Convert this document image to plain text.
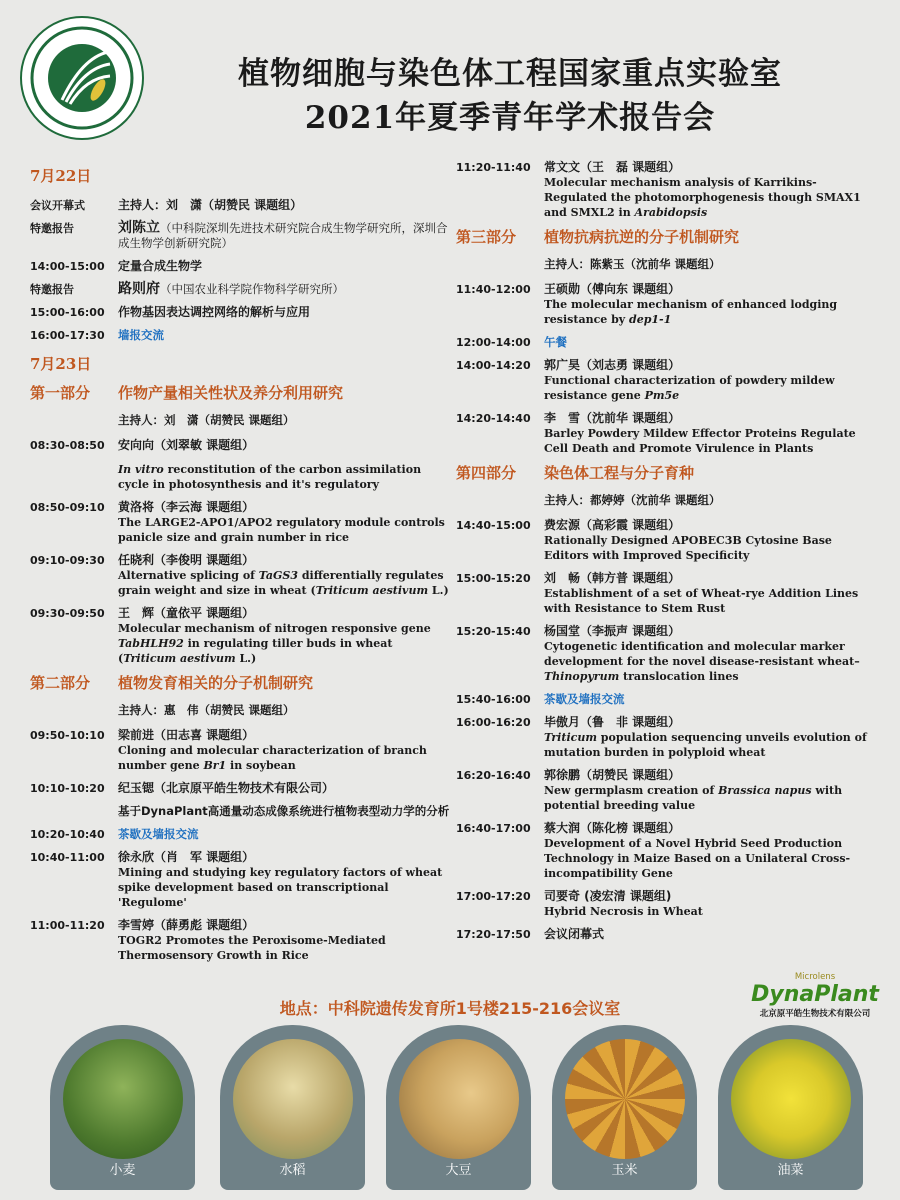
植物细胞与染色体工程国家重点实验室
2021年夏季青年学术报告会
7月22日
会议开幕式	主持人：刘　潇（胡赞民 课题组）
特邀报告	刘陈立（中科院深圳先进技术研究院合成生物学研究所，深圳合成生物学创新研究院）
14:00-15:00	定量合成生物学
特邀报告	路则府（中国农业科学院作物科学研究所）
15:00-16:00	作物基因表达调控网络的解析与应用
16:00-17:30	墙报交流
7月23日
第一部分 作物产量相关性状及养分利用研究
主持人：刘　潇（胡赞民 课题组）
08:30-08:50	安向向（刘翠敏 课题组）
In vitro reconstitution of the carbon assimilation cycle in photosynthesis and it's regulatory
08:50-09:10	黄洛将（李云海 课题组）
The LARGE2-APO1/APO2 regulatory module controls panicle size and grain number in rice
09:10-09:30	任晓利（李俊明 课题组）
Alternative splicing of TaGS3 differentially regulates grain weight and size in wheat (Triticum aestivum L.)
09:30-09:50	王　辉（童依平 课题组）
Molecular mechanism of nitrogen responsive gene TabHLH92 in regulating tiller buds in wheat (Triticum aestivum L.)
第二部分 植物发育相关的分子机制研究
主持人：惠　伟（胡赞民 课题组）
09:50-10:10	梁前进（田志喜 课题组）
Cloning and molecular characterization of branch number gene Br1 in soybean
10:10-10:20	纪玉锶（北京原平皓生物技术有限公司）
基于DynaPlant高通量动态成像系统进行植物表型动力学的分析
10:20-10:40	茶歇及墙报交流
10:40-11:00	徐永欣（肖　军 课题组）
Mining and studying key regulatory factors of wheat spike development based on transcriptional 'Regulome'
11:00-11:20	李雪婷（薛勇彪 课题组）
TOGR2 Promotes the Peroxisome-Mediated Thermosensory Growth in Rice
11:20-11:40	常文文（王　磊 课题组）
Molecular mechanism analysis of Karrikins-Regulated the photomorphogenesis though SMAX1 and SMXL2 in Arabidopsis
第三部分 植物抗病抗逆的分子机制研究
主持人：陈紫玉（沈前华 课题组）
11:40-12:00	王硕勋（傅向东 课题组）
The molecular mechanism of enhanced lodging resistance by dep1-1
12:00-14:00	午餐
14:00-14:20	郭广昊（刘志勇 课题组）
Functional characterization of powdery mildew resistance gene Pm5e
14:20-14:40	李　雪（沈前华 课题组）
Barley Powdery Mildew Effector Proteins Regulate Cell Death and Promote Virulence in Plants
第四部分 染色体工程与分子育种
主持人：都婷婷（沈前华 课题组）
14:40-15:00	费宏源（高彩霞 课题组）
Rationally Designed APOBEC3B Cytosine Base Editors with Improved Specificity
15:00-15:20	刘　畅（韩方普 课题组）
Establishment of a set of Wheat-rye Addition Lines with Resistance to Stem Rust
15:20-15:40	杨国堂（李振声 课题组）
Cytogenetic identification and molecular marker development for the novel disease-resistant wheat–Thinopyrum translocation lines
15:40-16:00	茶歇及墙报交流
16:00-16:20	毕傲月（鲁　非 课题组）
Triticum population sequencing unveils evolution of mutation burden in polyploid wheat
16:20-16:40	郭徐鹏（胡赞民 课题组）
New germplasm creation of Brassica napus with potential breeding value
16:40-17:00	蔡大润（陈化榜 课题组）
Development of a Novel Hybrid Seed Production Technology in Maize Based on a Unilateral Cross-incompatibility Gene
17:00-17:20	司要奇 (凌宏清 课题组)
Hybrid Necrosis in Wheat
17:20-17:50	会议闭幕式
Microlens
DynaPlant
北京原平皓生物技术有限公司
地点：中科院遗传发育所1号楼215-216会议室
小麦	水稻	大豆	玉米	油菜
